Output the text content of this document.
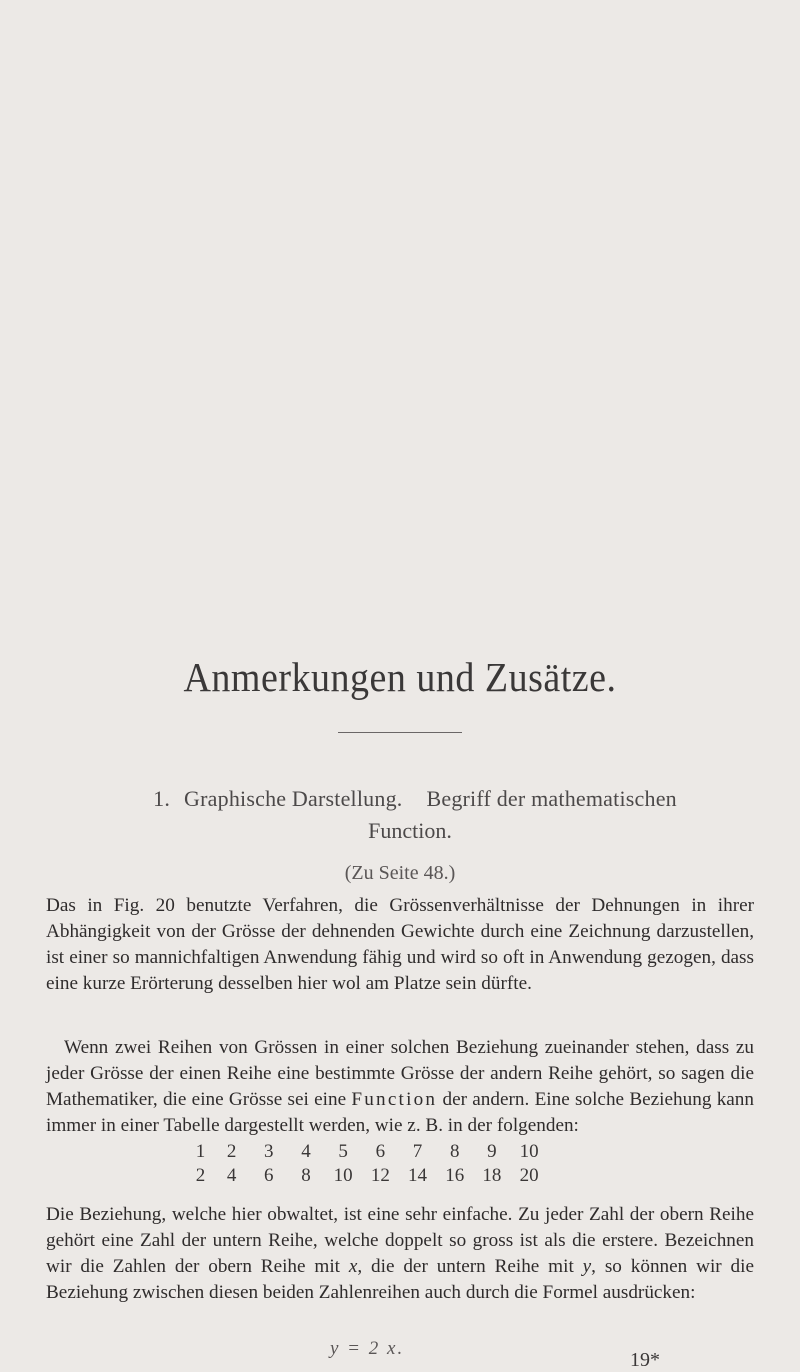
Anmerkungen und Zusätze.
1. Graphische Darstellung. Begriff der mathematischen
Function.
(Zu Seite 48.)
Das in Fig. 20 benutzte Verfahren, die Grössenverhältnisse der Dehnungen in ihrer Abhängigkeit von der Grösse der dehnenden Gewichte durch eine Zeichnung darzustellen, ist einer so mannichfaltigen Anwendung fähig und wird so oft in Anwendung gezogen, dass eine kurze Erörterung desselben hier wol am Platze sein dürfte.
Wenn zwei Reihen von Grössen in einer solchen Beziehung zueinander stehen, dass zu jeder Grösse der einen Reihe eine bestimmte Grösse der andern Reihe gehört, so sagen die Mathematiker, die eine Grösse sei eine Function der andern. Eine solche Beziehung kann immer in einer Tabelle dargestellt werden, wie z. B. in der folgenden:
1	2	3	4	5	6	7	8	9	10
2	4	6	8	10 12 14 16 18 20
Die Beziehung, welche hier obwaltet, ist eine sehr einfache. Zu jeder Zahl der obern Reihe gehört eine Zahl der untern Reihe, welche doppelt so gross ist als die erstere. Bezeichnen wir die Zahlen der obern Reihe mit x, die der untern Reihe mit y, so können wir die Beziehung zwischen diesen beiden Zahlenreihen auch durch die Formel ausdrücken:
y = 2 x.
19*
